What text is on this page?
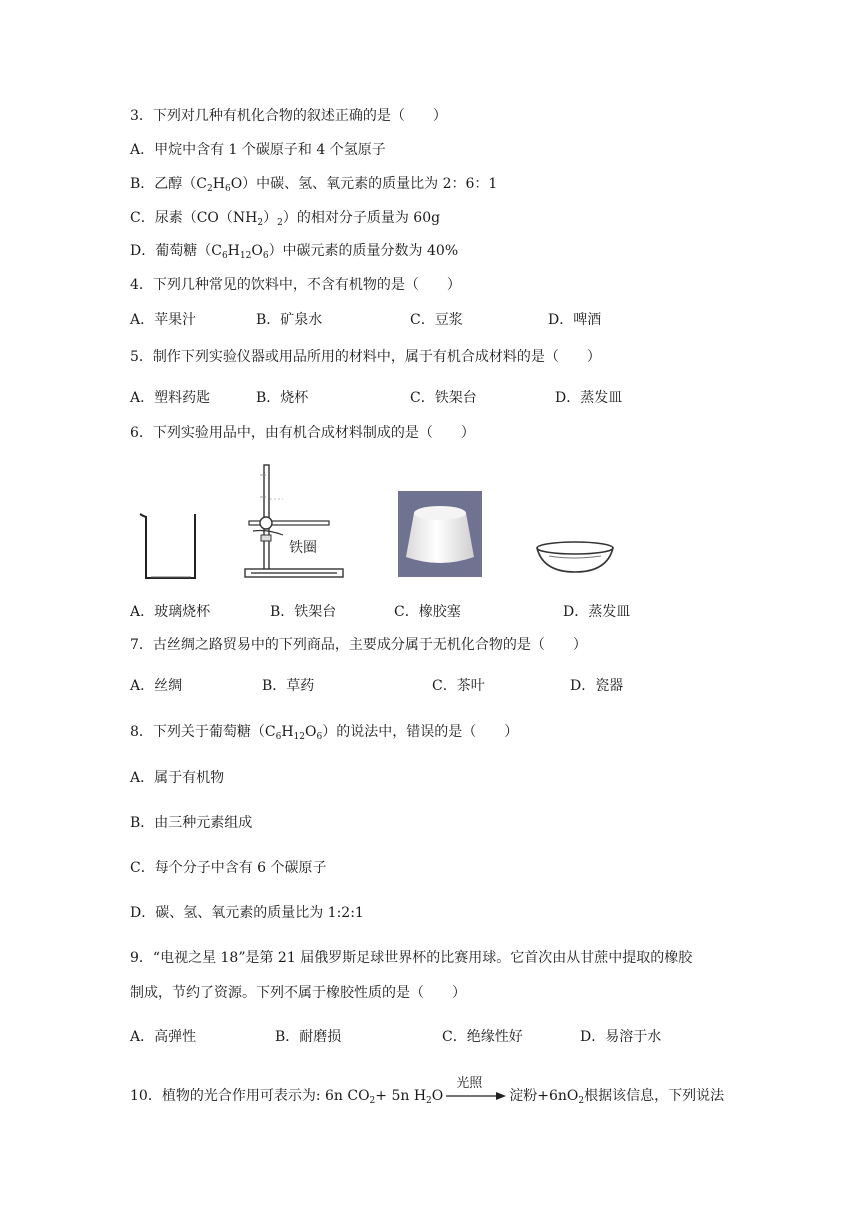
3．下列对几种有机化合物的叙述正确的是（　　）
A．甲烷中含有 1 个碳原子和 4 个氢原子
B．乙醇$(C_2H_6O)$中碳、氢、氧元素的质量比为 2：6：1
C．尿素$(CO(NH_2)_2)$的相对分子质量为 60g
D．葡萄糖$(C_6H_{12}O_6)$中碳元素的质量分数为 40%
4．下列几种常见的饮料中，不含有机物的是（　　）
A．苹果汁	B．矿泉水	C．豆浆	D．啤酒
5．制作下列实验仪器或用品所用的材料中，属于有机合成材料的是（　　）
A．塑料药匙	B．烧杯	C．铁架台	D．蒸发皿
6．下列实验用品中，由有机合成材料制成的是（　　）
铁圈
A．玻璃烧杯	B．铁架台	C．橡胶塞	D．蒸发皿
7．古丝绸之路贸易中的下列商品，主要成分属于无机化合物的是（　　）
A．丝绸	B．草药	C．茶叶	D．瓷器
8．下列关于葡萄糖$(C_6H_{12}O_6)$的说法中，错误的是（　　）
A．属于有机物
B．由三种元素组成
C．每个分子中含有 6 个碳原子
D．碳、氢、氧元素的质量比为 1:2:1
9．“电视之星 18”是第 21 届俄罗斯足球世界杯的比赛用球。它首次由从甘蔗中提取的橡胶
制成，节约了资源。下列不属于橡胶性质的是（　　）
A．高弹性	B．耐磨损	C．绝缘性好	D．易溶于水
10．植物的光合作用可表示为: 6n $CO_2+ 5n$ $H_2O$
光照
淀粉$+6nO_2$根据该信息，下列说法
